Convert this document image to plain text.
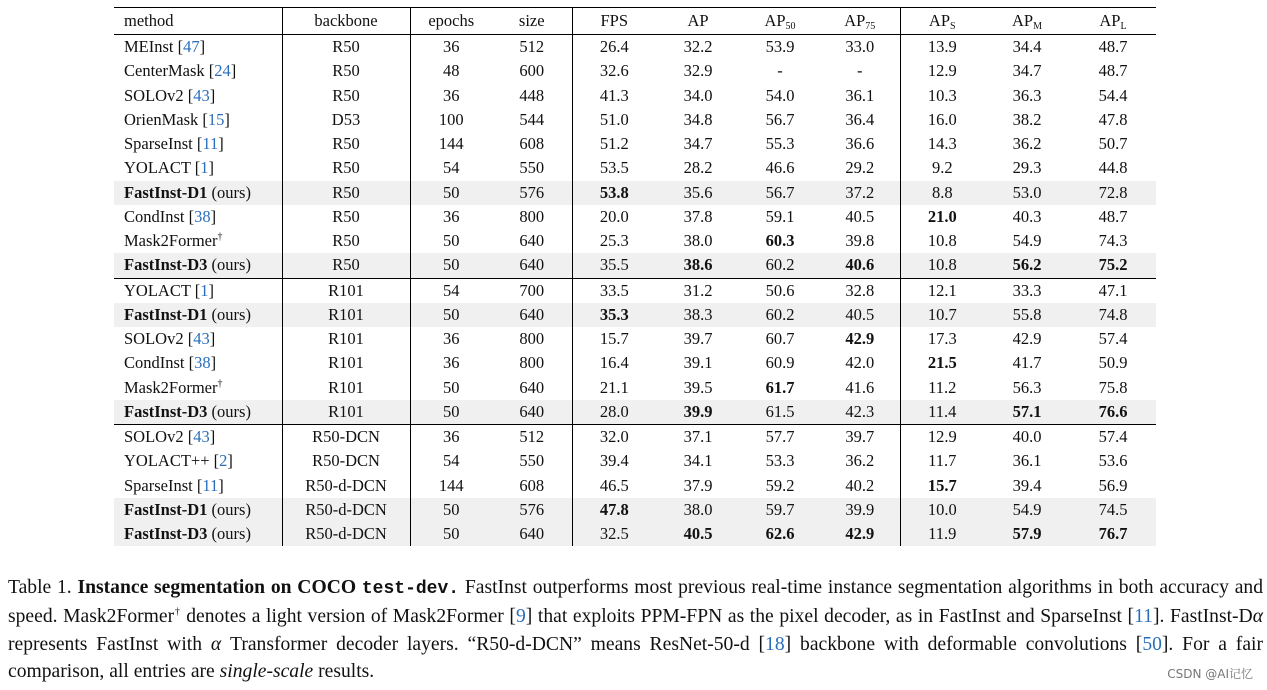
method	backbone	epochs	size	FPS	AP	$AP_{50}$	$AP_{75}$	$AP_S$	$AP_M$	$AP_L$
MEInst [47]	R50	36	512	26.4	32.2	53.9	33.0	13.9	34.4	48.7
CenterMask [24]	R50	48	600	32.6	32.9	-	-	12.9	34.7	48.7
SOLOv2 [43]	R50	36	448	41.3	34.0	54.0	36.1	10.3	36.3	54.4
OrienMask [15]	D53	100	544	51.0	34.8	56.7	36.4	16.0	38.2	47.8
SparseInst [11]	R50	144	608	51.2	34.7	55.3	36.6	14.3	36.2	50.7
YOLACT [1]	R50	54	550	53.5	28.2	46.6	29.2	9.2	29.3	44.8
FastInst-D1 (ours)	R50	50	576	53.8	35.6	56.7	37.2	8.8	53.0	72.8
CondInst [38]	R50	36	800	20.0	37.8	59.1	40.5	21.0	40.3	48.7
Mask2Former†	R50	50	640	25.3	38.0	60.3	39.8	10.8	54.9	74.3
FastInst-D3 (ours)	R50	50	640	35.5	38.6	60.2	40.6	10.8	56.2	75.2
YOLACT [1]	R101	54	700	33.5	31.2	50.6	32.8	12.1	33.3	47.1
FastInst-D1 (ours)	R101	50	640	35.3	38.3	60.2	40.5	10.7	55.8	74.8
SOLOv2 [43]	R101	36	800	15.7	39.7	60.7	42.9	17.3	42.9	57.4
CondInst [38]	R101	36	800	16.4	39.1	60.9	42.0	21.5	41.7	50.9
Mask2Former†	R101	50	640	21.1	39.5	61.7	41.6	11.2	56.3	75.8
FastInst-D3 (ours)	R101	50	640	28.0	39.9	61.5	42.3	11.4	57.1	76.6
SOLOv2 [43]	R50-DCN	36	512	32.0	37.1	57.7	39.7	12.9	40.0	57.4
YOLACT++ [2]	R50-DCN	54	550	39.4	34.1	53.3	36.2	11.7	36.1	53.6
SparseInst [11]	R50-d-DCN	144	608	46.5	37.9	59.2	40.2	15.7	39.4	56.9
FastInst-D1 (ours)	R50-d-DCN	50	576	47.8	38.0	59.7	39.9	10.0	54.9	74.5
FastInst-D3 (ours)	R50-d-DCN	50	640	32.5	40.5	62.6	42.9	11.9	57.9	76.7
Table 1. Instance segmentation on COCO test-dev. FastInst outperforms most previous real-time instance segmentation algorithms in both accuracy and speed. Mask2Former† denotes a light version of Mask2Former [9] that exploits PPM-FPN as the pixel decoder, as in FastInst and SparseInst [11]. FastInst-Dα represents FastInst with α Transformer decoder layers. “R50-d-DCN” means ResNet-50-d [18] backbone with deformable convolutions [50]. For a fair comparison, all entries are single-scale results.	CSDN @AI记忆
